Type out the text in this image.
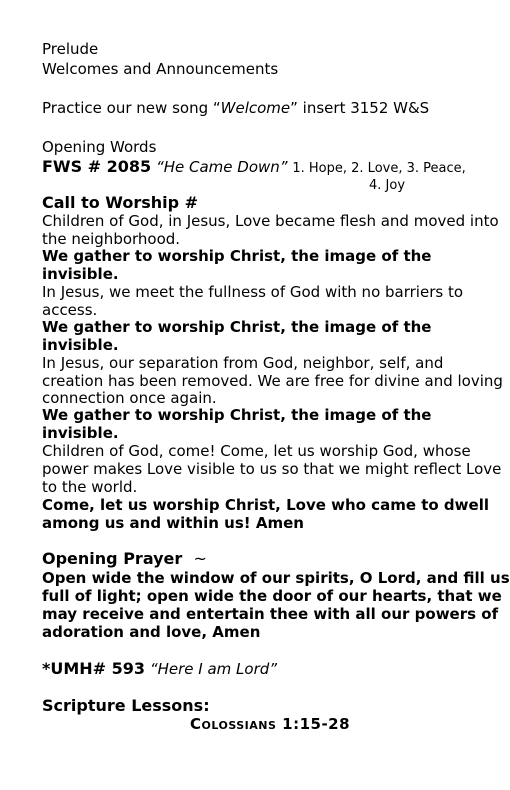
Prelude
Welcomes and Announcements
Practice our new song “Welcome” insert 3152 W&S
Opening Words
FWS # 2085 “He Came Down” 1. Hope, 2. Love, 3. Peace,
4. Joy
Call to Worship #
Children of God, in Jesus, Love became flesh and moved into
the neighborhood.
We gather to worship Christ, the image of the
invisible.
In Jesus, we meet the fullness of God with no barriers to
access.
We gather to worship Christ, the image of the
invisible.
In Jesus, our separation from God, neighbor, self, and
creation has been removed. We are free for divine and loving
connection once again.
We gather to worship Christ, the image of the
invisible.
Children of God, come! Come, let us worship God, whose
power makes Love visible to us so that we might reflect Love
to the world.
Come, let us worship Christ, Love who came to dwell
among us and within us! Amen
Opening Prayer ~
Open wide the window of our spirits, O Lord, and fill us
full of light; open wide the door of our hearts, that we
may receive and entertain thee with all our powers of
adoration and love, Amen
*UMH# 593 “Here I am Lord”
Scripture Lessons:
Colossians 1:15-28
